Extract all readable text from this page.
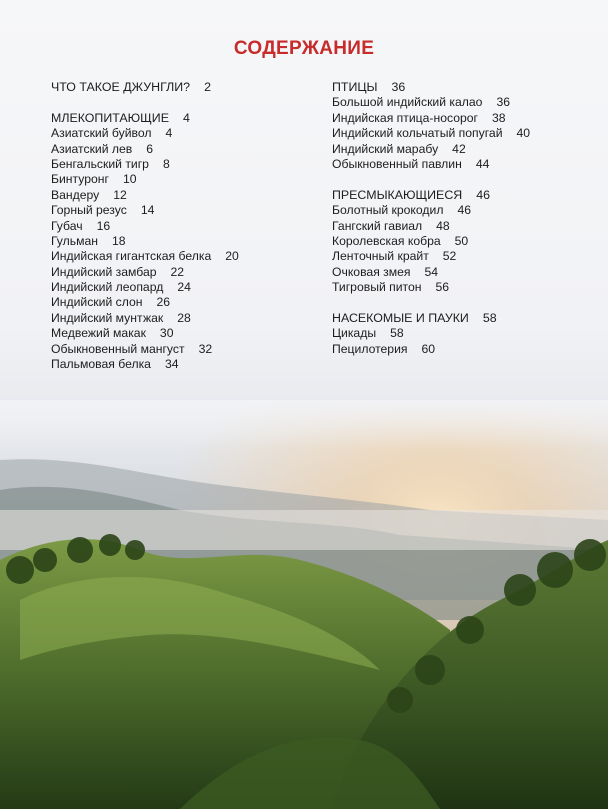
СОДЕРЖАНИЕ
ЧТО ТАКОЕ ДЖУНГЛИ? 2
МЛЕКОПИТАЮЩИЕ 4
Азиатский буйвол 4
Азиатский лев 6
Бенгальский тигр 8
Бинтуронг 10
Вандеру 12
Горный резус 14
Губач 16
Гульман 18
Индийская гигантская белка 20
Индийский замбар 22
Индийский леопард 24
Индийский слон 26
Индийский мунтжак 28
Медвежий макак 30
Обыкновенный мангуст 32
Пальмовая белка 34
ПТИЦЫ 36
Большой индийский калао 36
Индийская птица-носорог 38
Индийский кольчатый попугай 40
Индийский марабу 42
Обыкновенный павлин 44
ПРЕСМЫКАЮЩИЕСЯ 46
Болотный крокодил 46
Гангский гавиал 48
Королевская кобра 50
Ленточный крайт 52
Очковая змея 54
Тигровый питон 56
НАСЕКОМЫЕ И ПАУКИ 58
Цикады 58
Пецилотерия 60
